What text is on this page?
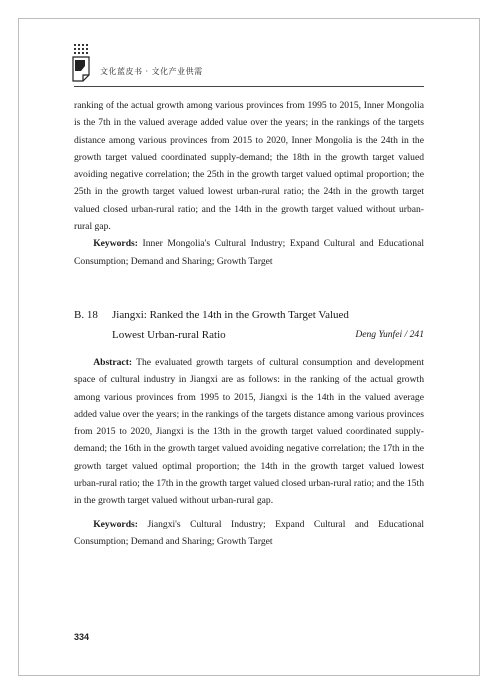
文化蓝皮书 · 文化产业供需

ranking of the actual growth among various provinces from 1995 to 2015, Inner Mongolia is the 7th in the valued average added value over the years; in the rankings of the targets distance among various provinces from 2015 to 2020, Inner Mongolia is the 24th in the growth target valued coordinated supply-demand; the 18th in the growth target valued avoiding negative correlation; the 25th in the growth target valued optimal proportion; the 25th in the growth target valued lowest urban-rural ratio; the 24th in the growth target valued closed urban-rural ratio; and the 14th in the growth target valued without urban-rural gap.

Keywords: Inner Mongolia's Cultural Industry; Expand Cultural and Educational Consumption; Demand and Sharing; Growth Target

B. 18 Jiangxi: Ranked the 14th in the Growth Target Valued
Lowest Urban-rural Ratio	Deng Yunfei / 241

Abstract: The evaluated growth targets of cultural consumption and development space of cultural industry in Jiangxi are as follows: in the ranking of the actual growth among various provinces from 1995 to 2015, Jiangxi is the 14th in the valued average added value over the years; in the rankings of the targets distance among various provinces from 2015 to 2020, Jiangxi is the 13th in the growth target valued coordinated supply-demand; the 16th in the growth target valued avoiding negative correlation; the 17th in the growth target valued optimal proportion; the 14th in the growth target valued lowest urban-rural ratio; the 17th in the growth target valued closed urban-rural ratio; and the 15th in the growth target valued without urban-rural gap.

Keywords: Jiangxi's Cultural Industry; Expand Cultural and Educational Consumption; Demand and Sharing; Growth Target

334
